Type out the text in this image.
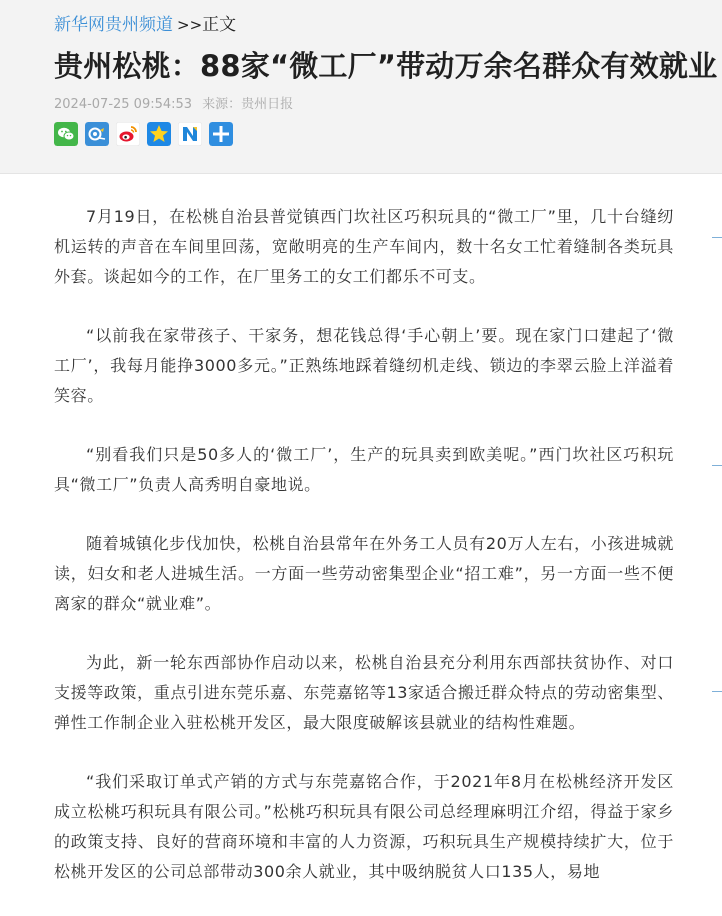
新华网贵州频道 >>正文
贵州松桃：88家“微工厂”带动万余名群众有效就业
2024-07-25 09:54:53 来源：贵州日报

7月19日，在松桃自治县普觉镇西门坎社区巧积玩具的“微工厂”里，几十台缝纫机运转的声音在车间里回荡，宽敞明亮的生产车间内，数十名女工忙着缝制各类玩具外套。谈起如今的工作，在厂里务工的女工们都乐不可支。

“以前我在家带孩子、干家务，想花钱总得‘手心朝上’要。现在家门口建起了‘微工厂’，我每月能挣3000多元。”正熟练地踩着缝纫机走线、锁边的李翠云脸上洋溢着笑容。

“别看我们只是50多人的‘微工厂’，生产的玩具卖到欧美呢。”西门坎社区巧积玩具“微工厂”负责人高秀明自豪地说。

随着城镇化步伐加快，松桃自治县常年在外务工人员有20万人左右，小孩进城就读，妇女和老人进城生活。一方面一些劳动密集型企业“招工难”，另一方面一些不便离家的群众“就业难”。

为此，新一轮东西部协作启动以来，松桃自治县充分利用东西部扶贫协作、对口支援等政策，重点引进东莞乐嘉、东莞嘉铭等13家适合搬迁群众特点的劳动密集型、弹性工作制企业入驻松桃开发区，最大限度破解该县就业的结构性难题。

“我们采取订单式产销的方式与东莞嘉铭合作，于2021年8月在松桃经济开发区成立松桃巧积玩具有限公司。”松桃巧积玩具有限公司总经理麻明江介绍，得益于家乡的政策支持、良好的营商环境和丰富的人力资源，巧积玩具生产规模持续扩大，位于松桃开发区的公司总部带动300余人就业，其中吸纳脱贫人口135人，易地
